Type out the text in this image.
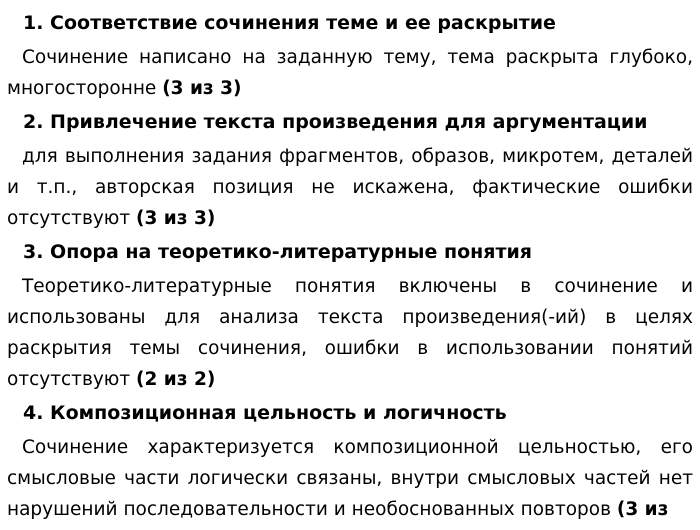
1. Соответствие сочинения теме и ее раскрытие
Сочинение написано на заданную тему, тема раскрыта глубоко, многосторонне (3 из 3)
2. Привлечение текста произведения для аргументации
для выполнения задания фрагментов, образов, микротем, деталей и т.п., авторская позиция не искажена, фактические ошибки отсутствуют (3 из 3)
3. Опора на теоретико-литературные понятия
Теоретико-литературные понятия включены в сочинение и использованы для анализа текста произведения(-ий) в целях раскрытия темы сочинения, ошибки в использовании понятий отсутствуют (2 из 2)
4. Композиционная цельность и логичность
Сочинение характеризуется композиционной цельностью, его смысловые части логически связаны, внутри смысловых частей нет нарушений последовательности и необоснованных повторов (3 из
